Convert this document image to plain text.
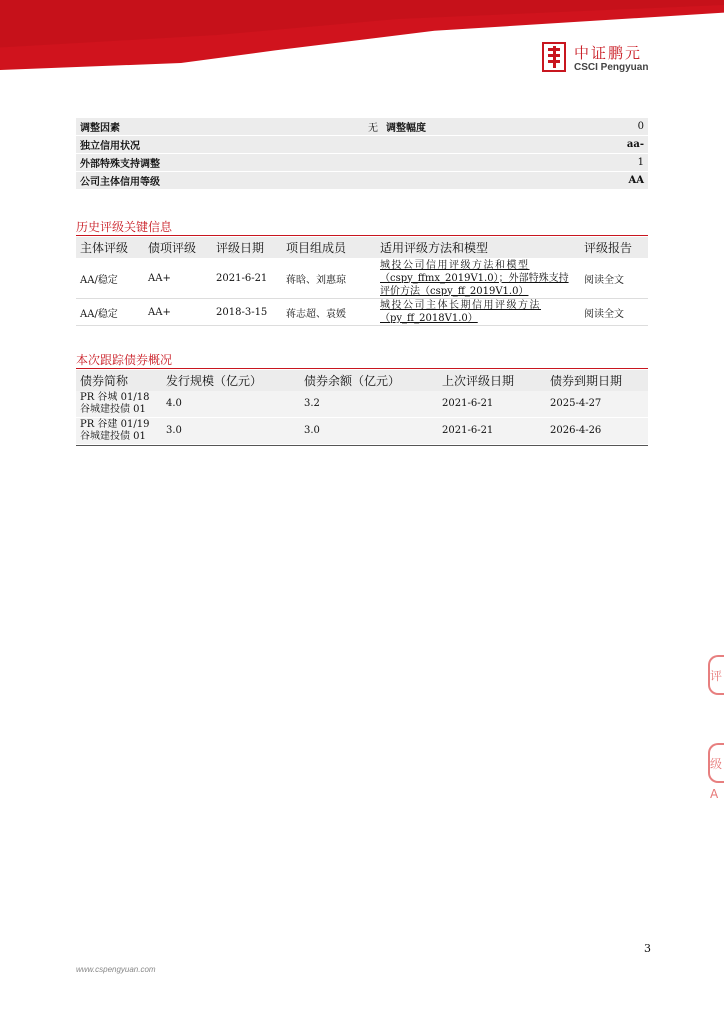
中证鹏元
CSCI Pengyuan
调整因素	无	调整幅度	0
独立信用状况			aa-
外部特殊支持调整			1
公司主体信用等级			AA
历史评级关键信息
主体评级	债项评级	评级日期	项目组成员	适用评级方法和模型	评级报告
AA/稳定	AA+	2021-6-21	蒋晗、刘惠琼	城投公司信用评级方法和模型
（cspy_ffmx_2019V1.0）；外部特殊支持
评价方法（cspy_ff_2019V1.0）	阅读全文
AA/稳定	AA+	2018-3-15	蒋志超、袁媛	城投公司主体长期信用评级方法
（py_ff_2018V1.0）	阅读全文
本次跟踪债券概况
债券简称	发行规模（亿元）	债券余额（亿元）	上次评级日期	债券到期日期

PR 谷城 01/18
谷城建投债 01	4.0	3.2	2021-6-21	2025-4-27

PR 谷建 01/19
谷城建投债 01	3.0	3.0	2021-6-21	2026-4-26
评
级
A
3
www.cspengyuan.com
